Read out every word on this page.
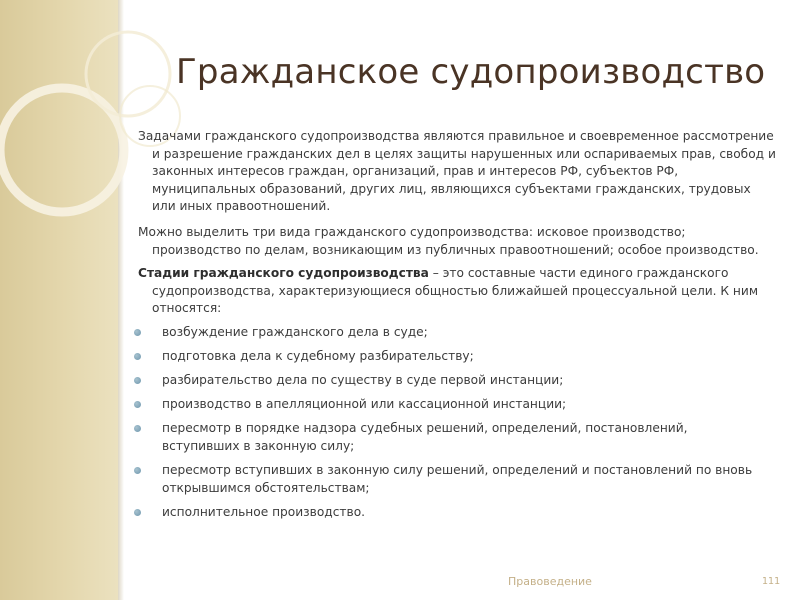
Гражданское судопроизводство

Задачами гражданского судопроизводства являются правильное и своевременное рассмотрение и разрешение гражданских дел в целях защиты нарушенных или оспариваемых прав, свобод и законных интересов граждан, организаций, прав и интересов РФ, субъектов РФ, муниципальных образований, других лиц, являющихся субъектами гражданских, трудовых или иных правоотношений.

Можно выделить три вида гражданского судопроизводства: исковое производство; производство по делам, возникающим из публичных правоотношений; особое производство.

Стадии гражданского судопроизводства – это составные части единого гражданского судопроизводства, характеризующиеся общностью ближайшей процессуальной цели. К ним относятся:

возбуждение гражданского дела в суде;
подготовка дела к судебному разбирательству;
разбирательство дела по существу в суде первой инстанции;
производство в апелляционной или кассационной инстанции;
пересмотр в порядке надзора судебных решений, определений, постановлений, вступивших в законную силу;
пересмотр вступивших в законную силу решений, определений и постановлений по вновь открывшимся обстоятельствам;
исполнительное производство.
Правоведение	111
